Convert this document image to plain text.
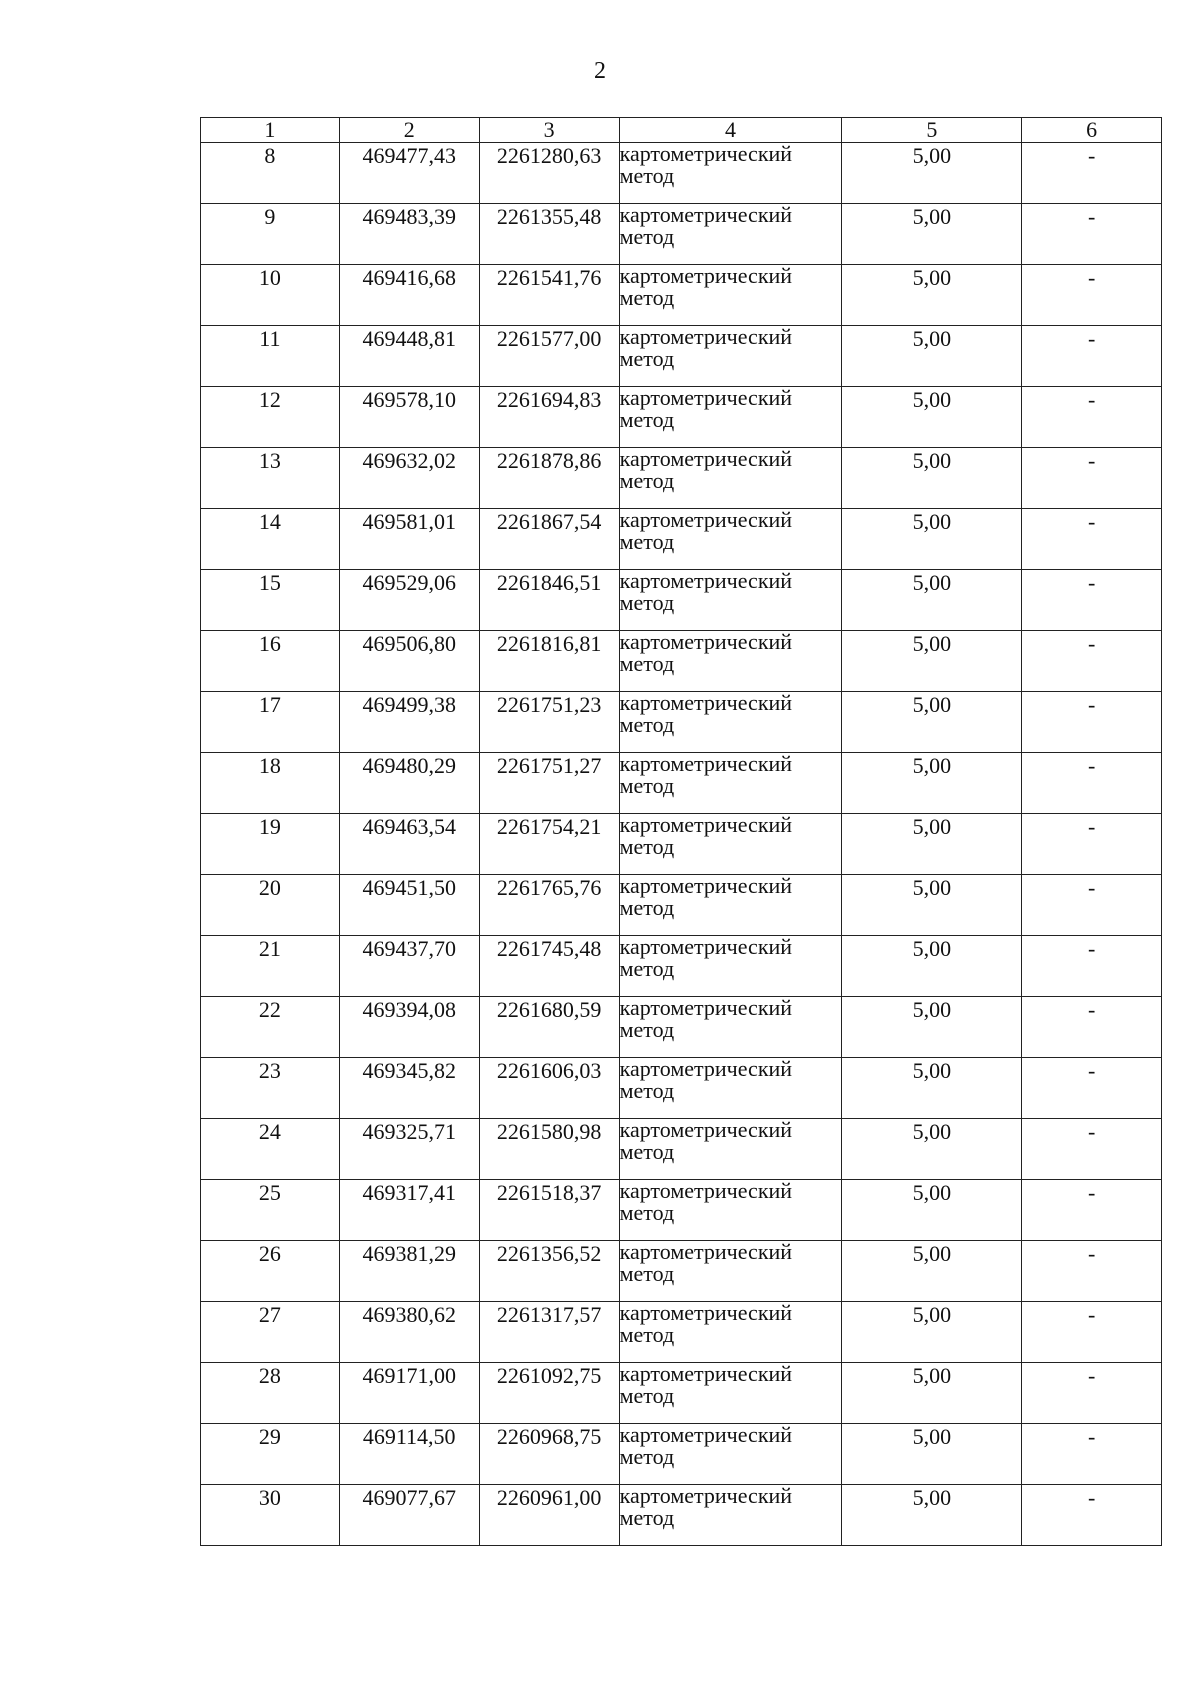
2
1	2	3	4	5	6
8	469477,43	2261280,63	картометрический метод	5,00	-
9	469483,39	2261355,48	картометрический метод	5,00	-
10	469416,68	2261541,76	картометрический метод	5,00	-
11	469448,81	2261577,00	картометрический метод	5,00	-
12	469578,10	2261694,83	картометрический метод	5,00	-
13	469632,02	2261878,86	картометрический метод	5,00	-
14	469581,01	2261867,54	картометрический метод	5,00	-
15	469529,06	2261846,51	картометрический метод	5,00	-
16	469506,80	2261816,81	картометрический метод	5,00	-
17	469499,38	2261751,23	картометрический метод	5,00	-
18	469480,29	2261751,27	картометрический метод	5,00	-
19	469463,54	2261754,21	картометрический метод	5,00	-
20	469451,50	2261765,76	картометрический метод	5,00	-
21	469437,70	2261745,48	картометрический метод	5,00	-
22	469394,08	2261680,59	картометрический метод	5,00	-
23	469345,82	2261606,03	картометрический метод	5,00	-
24	469325,71	2261580,98	картометрический метод	5,00	-
25	469317,41	2261518,37	картометрический метод	5,00	-
26	469381,29	2261356,52	картометрический метод	5,00	-
27	469380,62	2261317,57	картометрический метод	5,00	-
28	469171,00	2261092,75	картометрический метод	5,00	-
29	469114,50	2260968,75	картометрический метод	5,00	-
30	469077,67	2260961,00	картометрический метод	5,00	-
